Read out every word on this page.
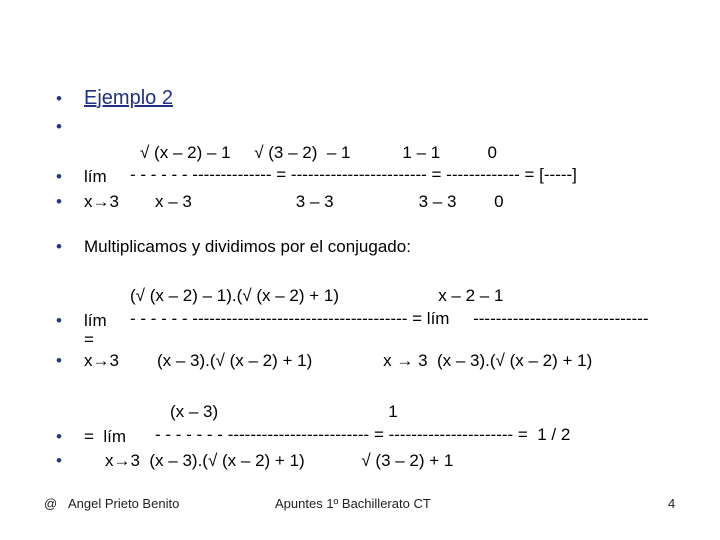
• Ejemplo 2
•
√ (x – 2) – 1     √ (3 – 2)  – 1           1 – 1          0
• lím - - - - - - -------------- = ------------------------ = ------------- = [-----]
• x→3 x – 3                      3 – 3                  3 – 3        0
• Multiplicamos y dividimos por el conjugado:
(√ (x – 2) – 1).(√ (x – 2) + 1)                     x – 2 – 1
• lím - - - - - - -------------------------------------- = lím     -------------------------------
=
• x→3 (x – 3).(√ (x – 2) + 1)               x → 3  (x – 3).(√ (x – 2) + 1)
(x – 3)                                    1
• =  lím - - - - - - - ------------------------- = ---------------------- =  1 / 2
•	x→3  (x – 3).(√ (x – 2) + 1)            √ (3 – 2) + 1
@ Angel Prieto Benito	Apuntes 1º Bachillerato CT	4
